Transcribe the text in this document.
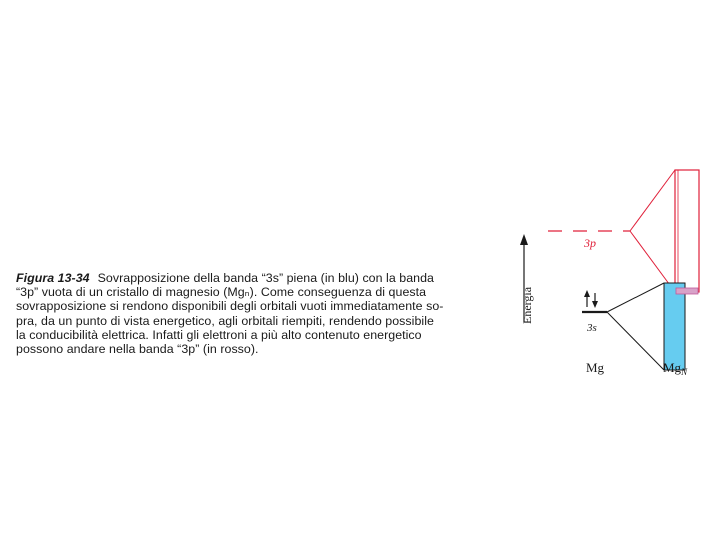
Figura 13-34 Sovrapposizione della banda “3s” piena (in blu) con la banda
“3p” vuota di un cristallo di magnesio (Mgₙ). Come conseguenza di questa
sovrapposizione si rendono disponibili degli orbitali vuoti immediatamente so-
pra, da un punto di vista energetico, agli orbitali riempiti, rendendo possibile
la conducibilità elettrica. Infatti gli elettroni a più alto contenuto energetico
possono andare nella banda “3p” (in rosso).
Energia
3p
3s
Mg	$Mg_N$
